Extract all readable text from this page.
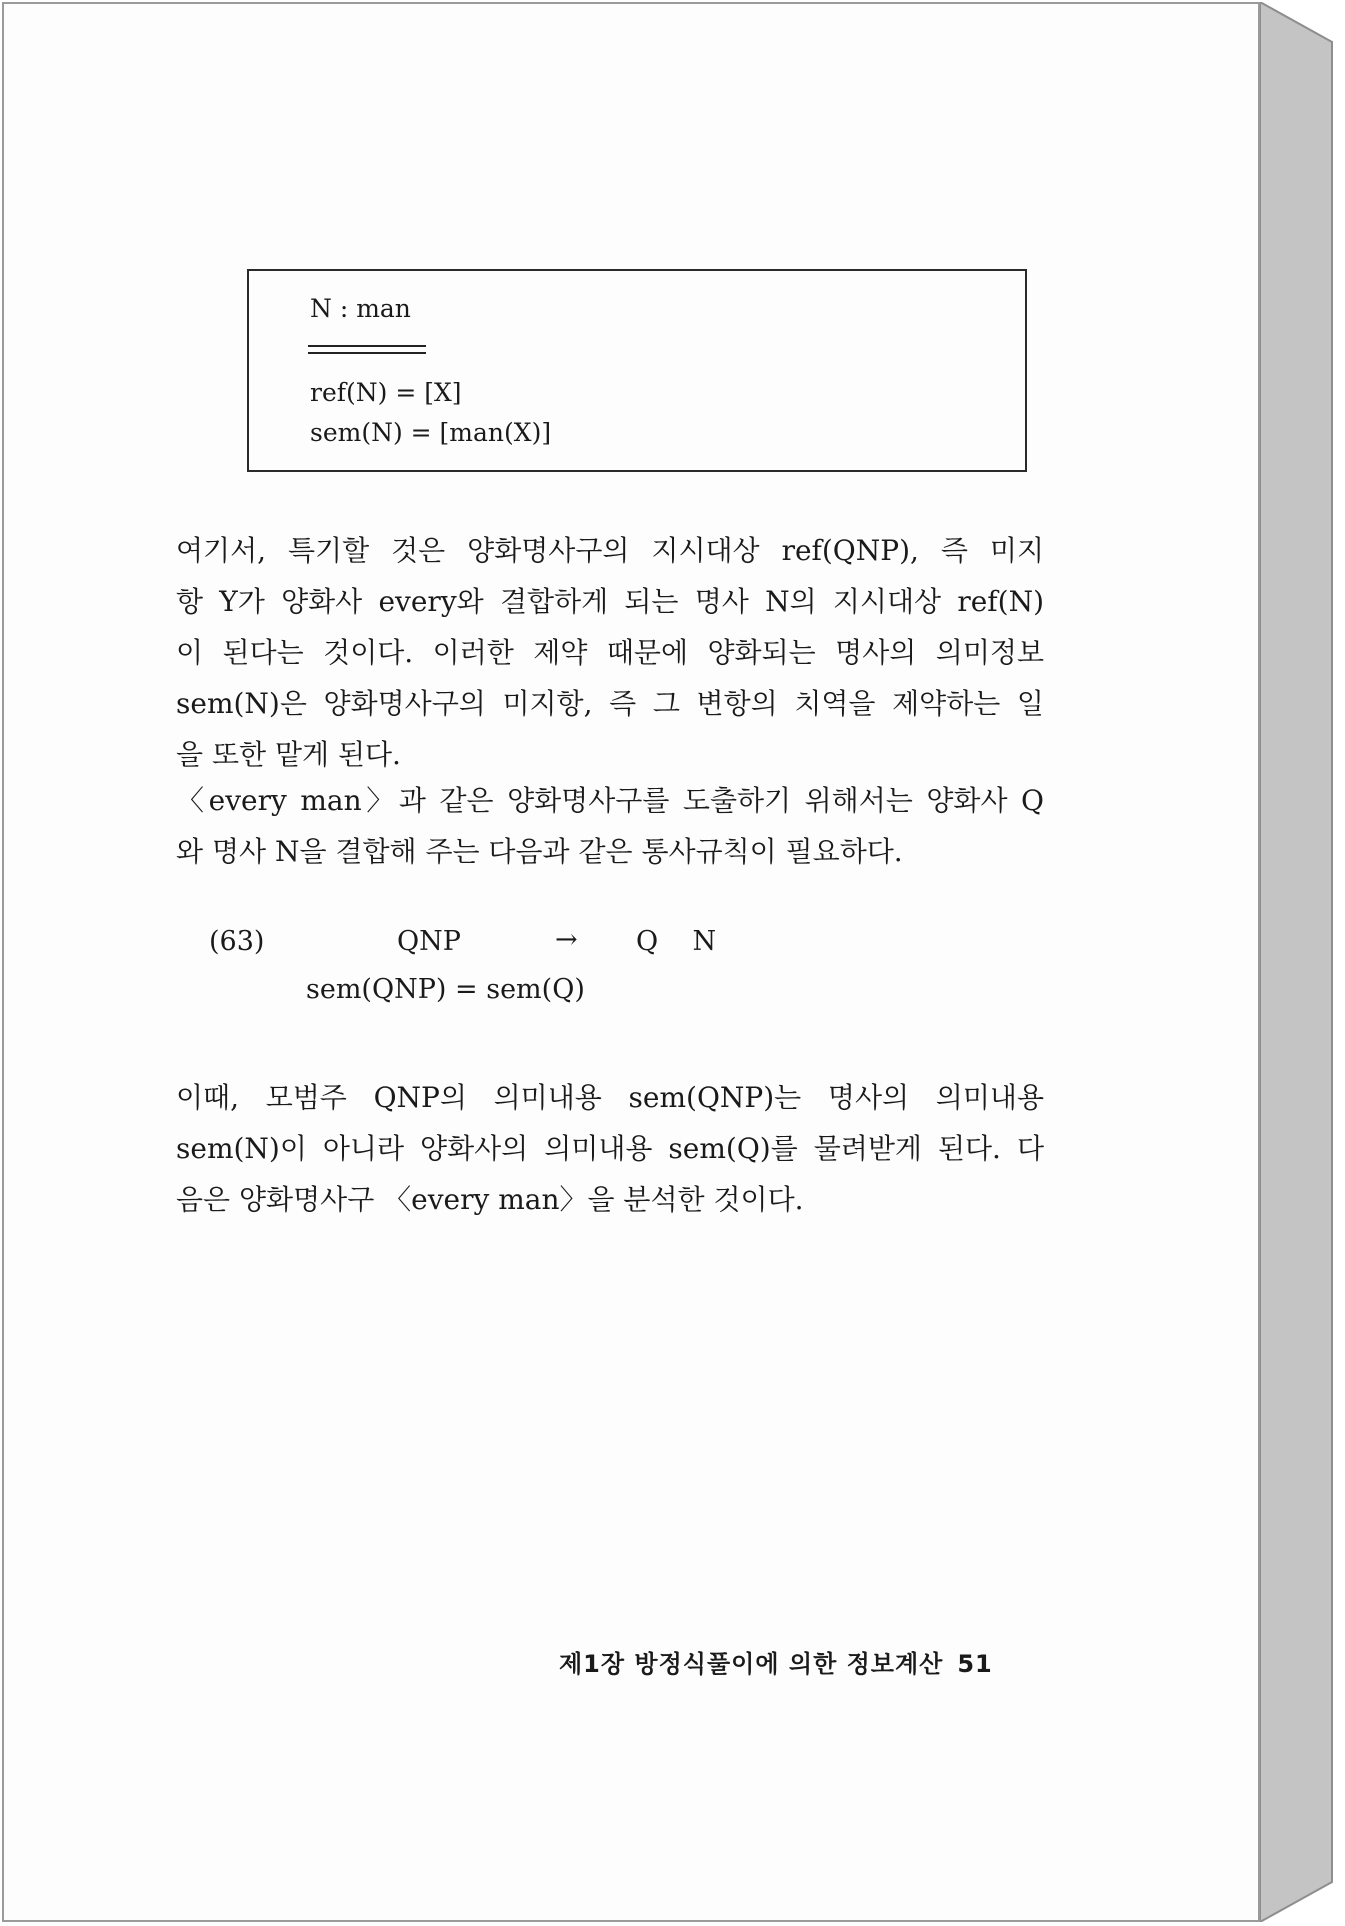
N : man
ref(N) = [X]
sem(N) = [man(X)]
여기서, 특기할 것은 양화명사구의 지시대상 ref(QNP), 즉 미지
항 Y가 양화사 every와 결합하게 되는 명사 N의 지시대상 ref(N)
이 된다는 것이다. 이러한 제약 때문에 양화되는 명사의 의미정보
sem(N)은 양화명사구의 미지항, 즉 그 변항의 치역을 제약하는 일
을 또한 맡게 된다.
〈every man〉과 같은 양화명사구를 도출하기 위해서는 양화사 Q
와 명사 N을 결합해 주는 다음과 같은 통사규칙이 필요하다.
(63)	QNP	→ Q    N
sem(QNP) = sem(Q)
이때, 모범주 QNP의 의미내용 sem(QNP)는 명사의 의미내용
sem(N)이 아니라 양화사의 의미내용 sem(Q)를 물려받게 된다. 다
음은 양화명사구 〈every man〉을 분석한 것이다.
제1장 방정식풀이에 의한 정보계산 51
